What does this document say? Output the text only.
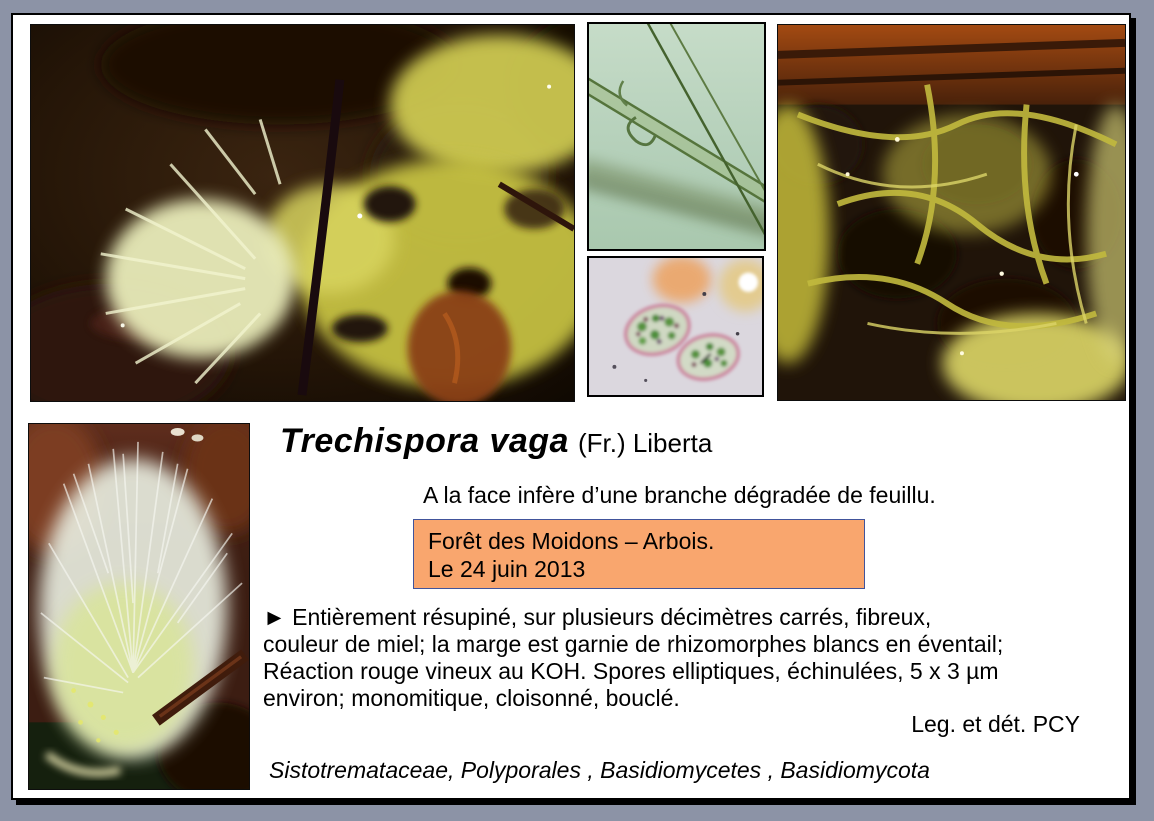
Trechispora vaga (Fr.) Liberta
A la face infère d’une branche dégradée de feuillu.
Forêt des Moidons – Arbois.
Le 24 juin 2013
► Entièrement résupiné, sur plusieurs décimètres carrés, fibreux,
couleur de miel; la marge est garnie de rhizomorphes blancs en éventail;
Réaction rouge vineux au KOH. Spores elliptiques, échinulées, 5 x 3 µm
environ; monomitique, cloisonné, bouclé.
Leg. et dét. PCY
Sistotremataceae, Polyporales , Basidiomycetes , Basidiomycota
